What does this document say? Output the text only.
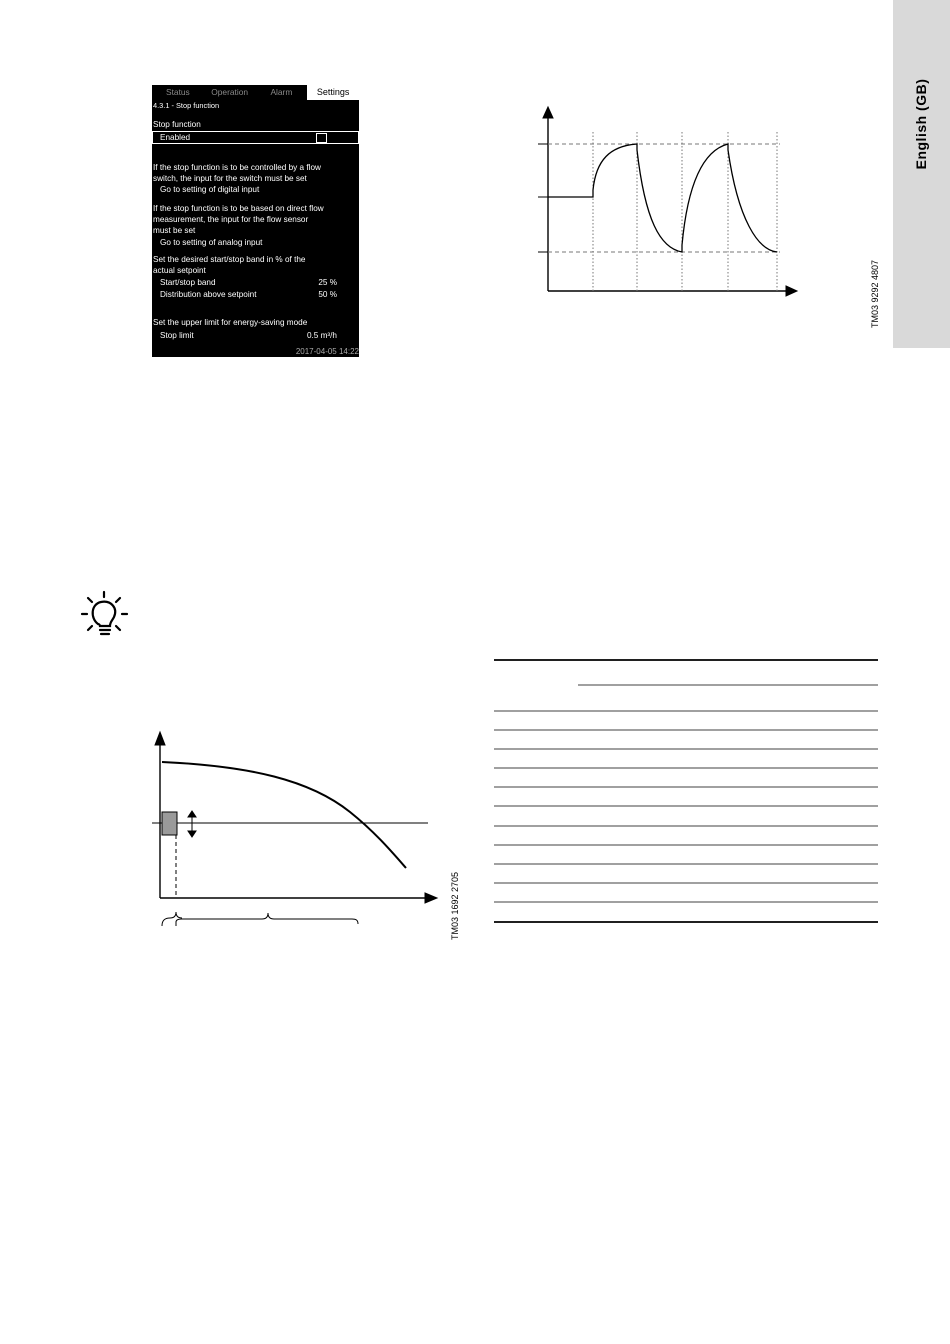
English (GB)
Status	Operation	Alarm	Settings
4.3.1 - Stop function
Stop function
Enabled
If the stop function is to be controlled by a flow
switch, the input for the switch must be set
Go to setting of digital input
If the stop function is to be based on direct flow
measurement, the input for the flow sensor
must be set
Go to setting of analog input
Set the desired start/stop band in % of the
actual setpoint
Start/stop band	25 %
Distribution above setpoint	50 %
Set the upper limit for energy-saving mode
Stop limit	0.5 m³/h
2017-04-05 14:22
TM03 9292 4807
TM03 1692 2705
